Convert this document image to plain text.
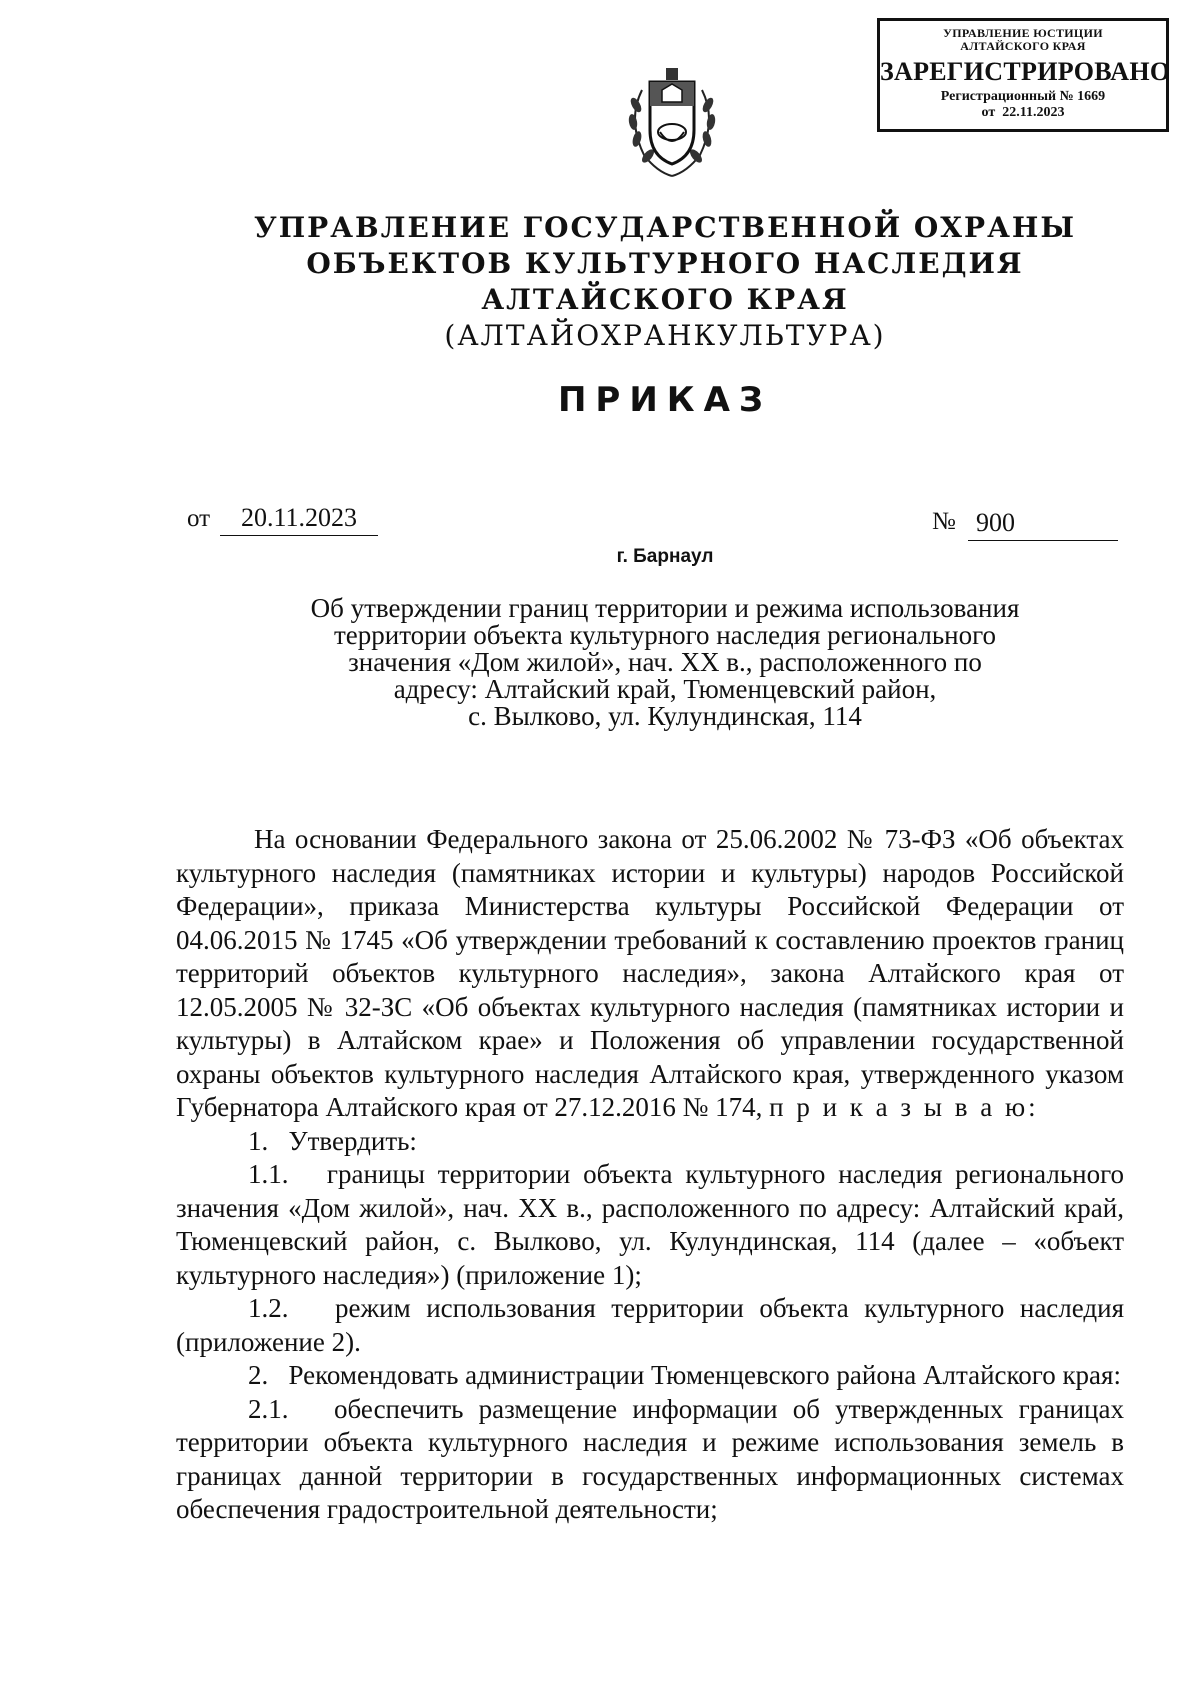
УПРАВЛЕНИЕ ЮСТИЦИИ
АЛТАЙСКОГО КРАЯ
ЗАРЕГИСТРИРОВАНО
Регистрационный № 1669
от  22.11.2023
УПРАВЛЕНИЕ ГОСУДАРСТВЕННОЙ ОХРАНЫ
ОБЪЕКТОВ КУЛЬТУРНОГО НАСЛЕДИЯ
АЛТАЙСКОГО КРАЯ
(АЛТАЙОХРАНКУЛЬТУРА)
ПРИКАЗ
от	20.11.2023	№ 900
г. Барнаул
Об утверждении границ территории и режима использования
территории объекта культурного наследия регионального
значения «Дом жилой», нач. XX в., расположенного по
адресу: Алтайский край, Тюменцевский район,
с. Вылково, ул. Кулундинская, 114

На основании Федерального закона от 25.06.2002 № 73-ФЗ «Об объектах культурного наследия (памятниках истории и культуры) народов Российской Федерации», приказа Министерства культуры Российской Федерации от 04.06.2015 № 1745 «Об утверждении требований к составлению проектов границ территорий объектов культурного наследия», закона Алтайского края от 12.05.2005 № 32-ЗС «Об объектах культурного наследия (памятниках истории и культуры) в Алтайском крае» и Положения об управлении государственной охраны объектов культурного наследия Алтайского края, утвержденного указом Губернатора Алтайского края от 27.12.2016 № 174, п р и к а з ы в а ю:

1.   Утвердить:

1.1.   границы территории объекта культурного наследия регионального значения «Дом жилой», нач. XX в., расположенного по адресу: Алтайский край, Тюменцевский район, с. Вылково, ул. Кулундинская, 114 (далее – «объект культурного наследия») (приложение 1);

1.2.   режим использования территории объекта культурного наследия (приложение 2).

2.   Рекомендовать администрации Тюменцевского района Алтайского края:

2.1.   обеспечить размещение информации об утвержденных границах территории объекта культурного наследия и режиме использования земель в границах данной территории в государственных информационных системах обеспечения градостроительной деятельности;
